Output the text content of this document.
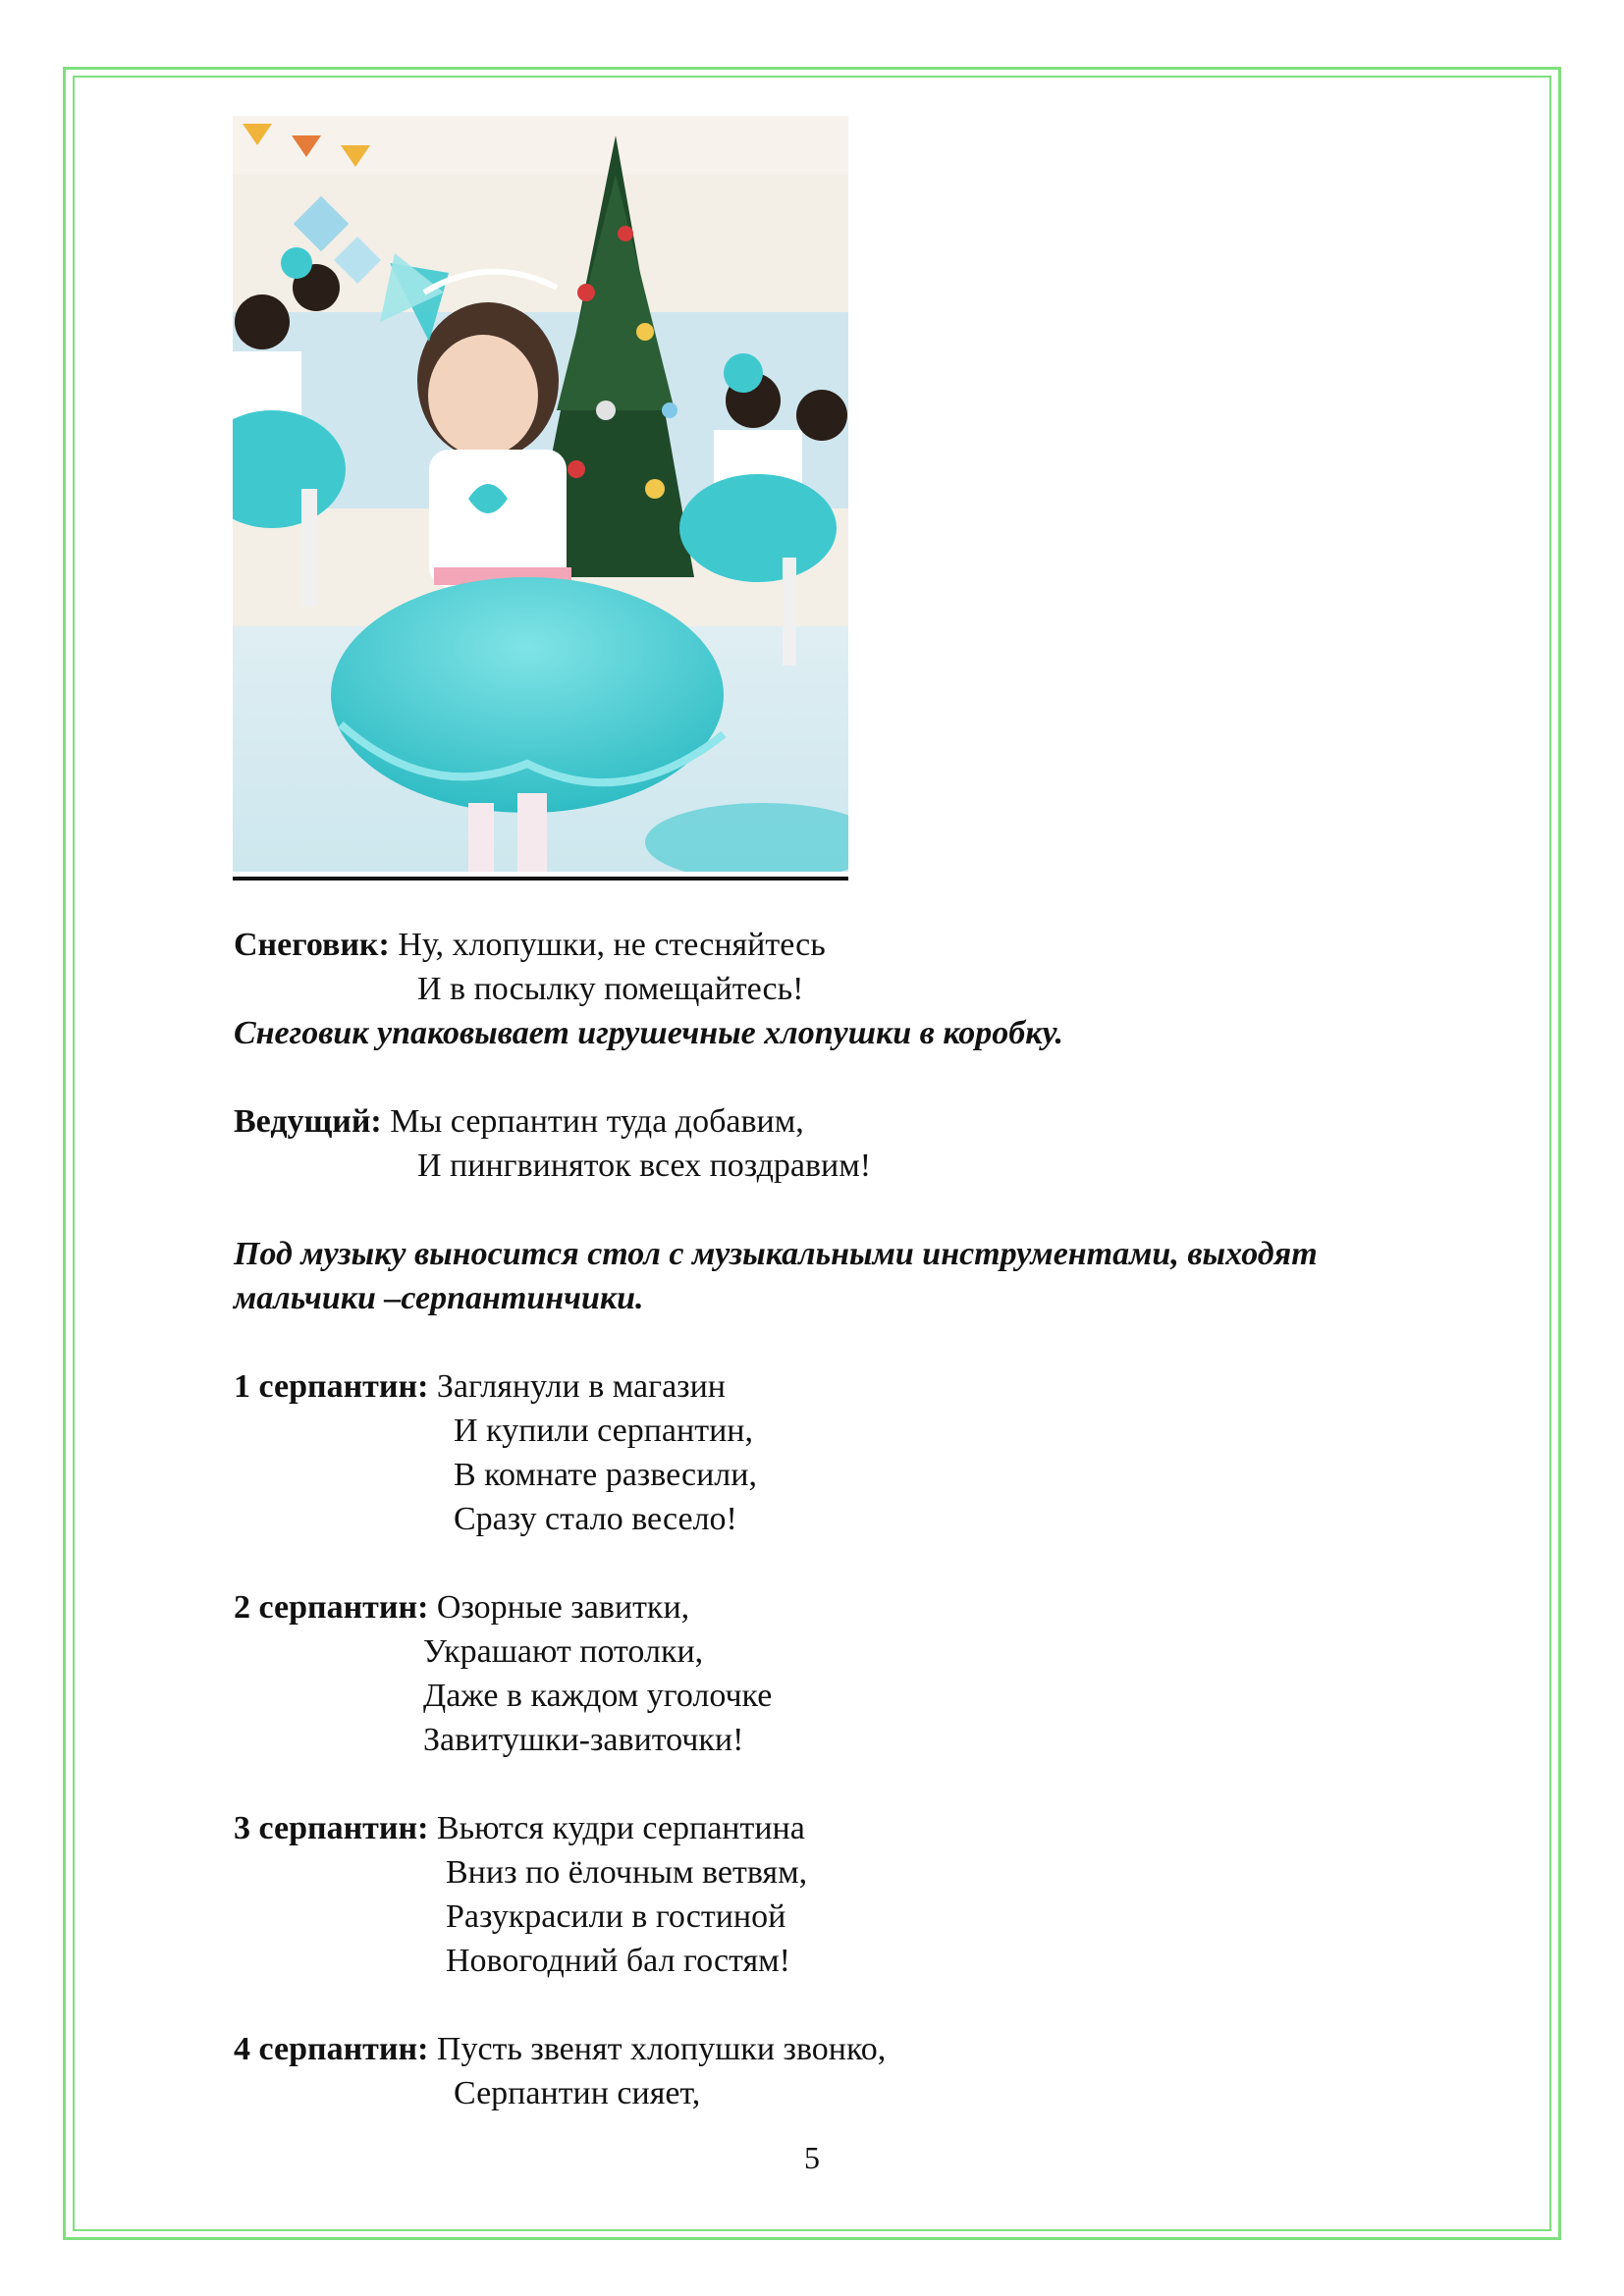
Снеговик: Ну, хлопушки, не стесняйтесь
И в посылку помещайтесь!
Снеговик упаковывает игрушечные хлопушки в коробку.
Ведущий: Мы серпантин туда добавим,
И пингвиняток всех поздравим!
Под музыку выносится стол с музыкальными инструментами, выходят
мальчики –серпантинчики.
1 серпантин: Заглянули в магазин
И купили серпантин,
В комнате развесили,
Сразу стало весело!
2 серпантин: Озорные завитки,
Украшают потолки,
Даже в каждом уголочке
Завитушки-завиточки!
3 серпантин: Вьются кудри серпантина
Вниз по ёлочным ветвям,
Разукрасили в гостиной
Новогодний бал гостям!
4 серпантин: Пусть звенят хлопушки звонко,
Серпантин сияет,
5
